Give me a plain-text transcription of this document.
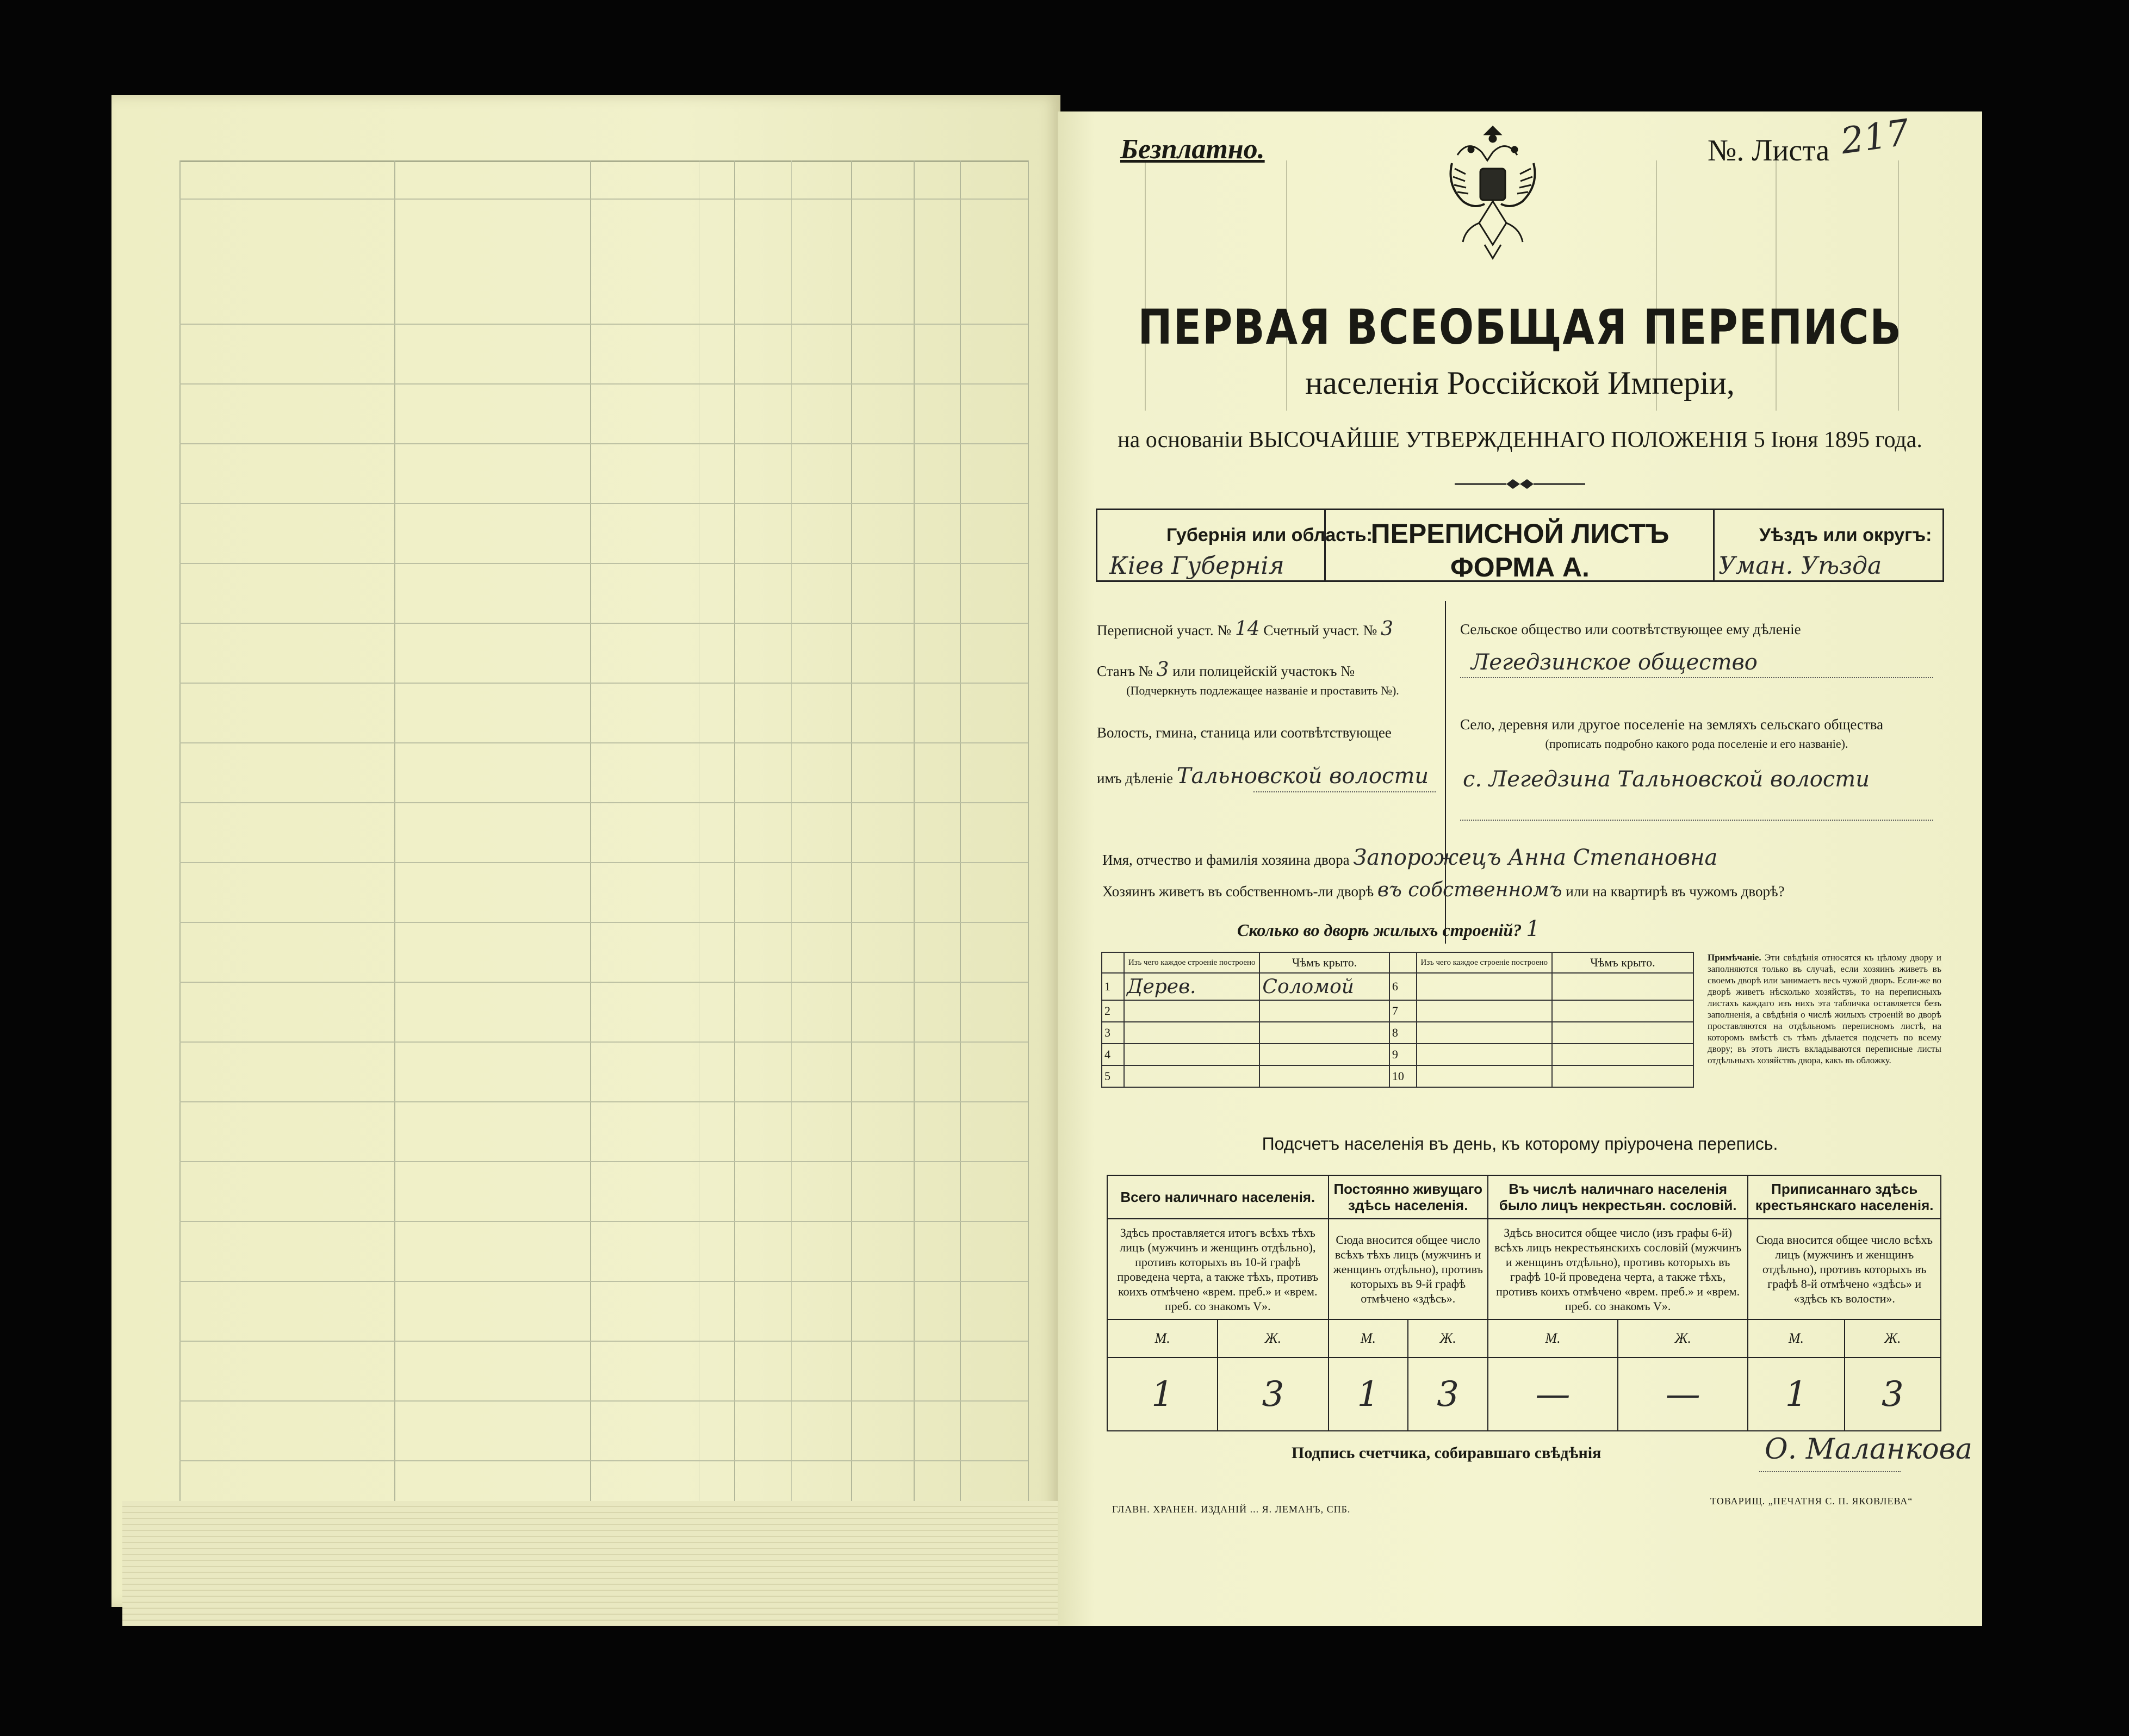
Безплатно.	№. Листа 217
ПЕРВАЯ ВСЕОБЩАЯ ПЕРЕПИСЬ
населенія Россійской Имперіи,
на основаніи ВЫСОЧАЙШЕ УТВЕРЖДЕННАГО ПОЛОЖЕНІЯ 5 Іюня 1895 года.
Губернія или область:
Кіев Губернія
ПЕРЕПИСНОЙ ЛИСТЪ
ФОРМА А.
Уѣздъ или округъ:
Уман. Уѣзда
Переписной участ. № 14 Счетный участ. № 3
Станъ № 3 или полицейскій участокъ №
(Подчеркнуть подлежащее названіе и проставить №).
Волость, гмина, станица или соотвѣтствующее
имъ дѣленіе Тальновской волости
Сельское общество или соотвѣтствующее ему дѣленіе
Легедзинское общество
Село, деревня или другое поселеніе на земляхъ сельскаго общества
(прописать подробно какого рода поселеніе и его названіе).
с. Легедзина Тальновской волости
Имя, отчество и фамилія хозяина двора Запорожецъ Анна Степановна
Хозяинъ живетъ въ собственномъ-ли дворѣ въ собственномъ или на квартирѣ въ чужомъ дворѣ?
Сколько во дворѣ жилыхъ строеній? 1
	Изъ чего каждое строеніе построено	Чѣмъ крыто.		Изъ чего каждое строеніе построено	Чѣмъ крыто.
1	Дерев.	Соломой	6		
2			7		
3			8		
4			9		
5			10		
Примѣчаніе. Эти свѣдѣнія относятся къ цѣлому двору и заполняются только въ случаѣ, если хозяинъ живетъ въ своемъ дворѣ или занимаетъ весь чужой дворъ. Если-же во дворѣ живетъ нѣсколько хозяйствъ, то на переписныхъ листахъ каждаго изъ нихъ эта табличка оставляется безъ заполненія, а свѣдѣнія о числѣ жилыхъ строеній во дворѣ проставляются на отдѣльномъ переписномъ листѣ, на которомъ вмѣстѣ съ тѣмъ дѣлается подсчетъ по всему двору; въ этотъ листъ вкладываются переписные листы отдѣльныхъ хозяйствъ двора, какъ въ обложку.
Подсчетъ населенія въ день, къ которому пріурочена перепись.
Всего наличнаго населенія.		Постоянно живущаго здѣсь населенія.		Въ числѣ наличнаго населенія было лицъ некрестьян. сословій.		Приписаннаго здѣсь крестьянскаго населенія.	
Здѣсь проставляется итогъ всѣхъ тѣхъ лицъ (мужчинъ и женщинъ отдѣльно), противъ которыхъ въ 10-й графѣ проведена черта, а также тѣхъ, противъ коихъ отмѣчено «врем. преб.» и «врем. преб. со знакомъ V».		Сюда вносится общее число всѣхъ тѣхъ лицъ (мужчинъ и женщинъ отдѣльно), противъ которыхъ въ 9-й графѣ отмѣчено «здѣсь».		Здѣсь вносится общее число (изъ графы 6-й) всѣхъ лицъ некрестьянскихъ сословій (мужчинъ и женщинъ отдѣльно), противъ которыхъ въ графѣ 10-й проведена черта, а также тѣхъ, противъ коихъ отмѣчено «врем. преб.» и «врем. преб. со знакомъ V».		Сюда вносится общее число всѣхъ лицъ (мужчинъ и женщинъ отдѣльно), противъ которыхъ въ графѣ 8-й отмѣчено «здѣсь» и «здѣсь къ волости».	
М.	Ж.	М.	Ж.	М.	Ж.	М.	Ж.
1	3	1	3	—	—	1	3
Подпись счетчика, собиравшаго свѣдѣнія	О. Маланкова
ГЛАВН. ХРАНЕН. ИЗДАНІЙ ... Я. ЛЕМАНЪ, СПБ.
ТОВАРИЩ. „ПЕЧАТНЯ С. П. ЯКОВЛЕВА“
